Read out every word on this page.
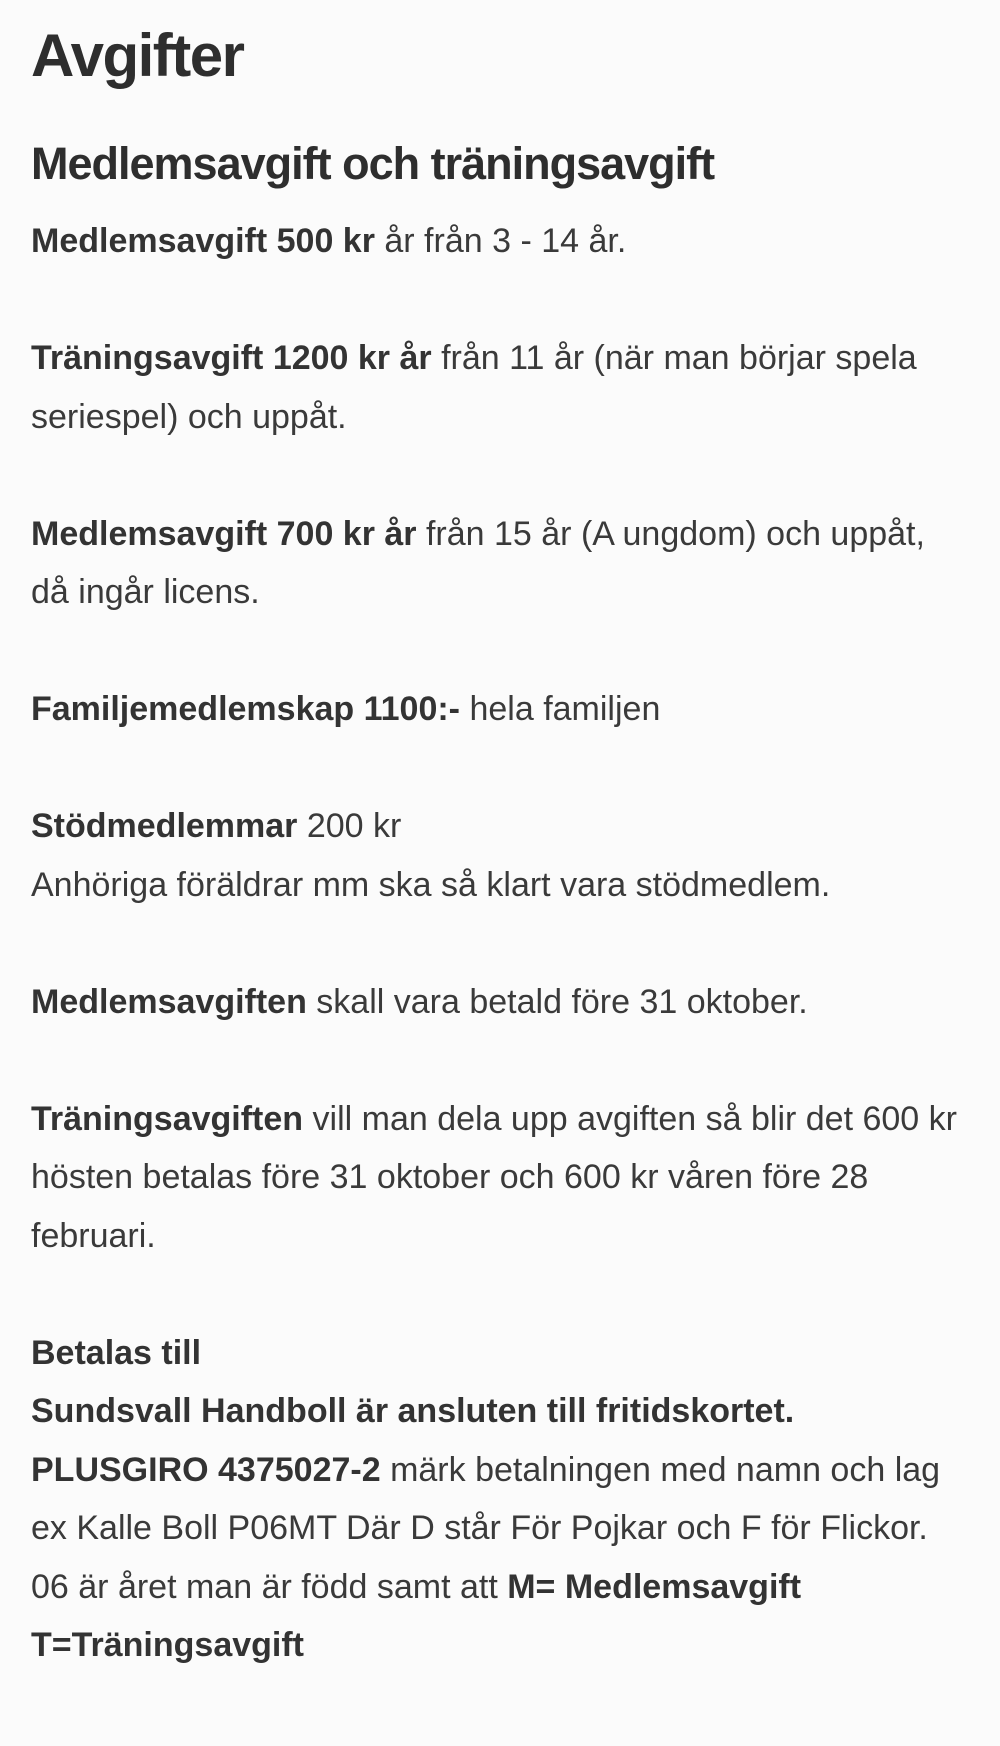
Avgifter
Medlemsavgift och träningsavgift

Medlemsavgift 500 kr år från 3 - 14 år.

Träningsavgift 1200 kr år från 11 år (när man börjar spela seriespel) och uppåt.

Medlemsavgift 700 kr år från 15 år (A ungdom) och uppåt, då ingår licens.

Familjemedlemskap 1100:- hela familjen

Stödmedlemmar 200 kr
Anhöriga föräldrar mm ska så klart vara stödmedlem.

Medlemsavgiften skall vara betald före 31 oktober.

Träningsavgiften vill man dela upp avgiften så blir det 600 kr hösten betalas före 31 oktober och 600 kr våren före 28 februari.

Betalas till
Sundsvall Handboll är ansluten till fritidskortet.
PLUSGIRO 4375027-2 märk betalningen med namn och lag ex Kalle Boll P06MT Där D står För Pojkar och F för Flickor. 06 är året man är född samt att M= Medlemsavgift T=Träningsavgift
